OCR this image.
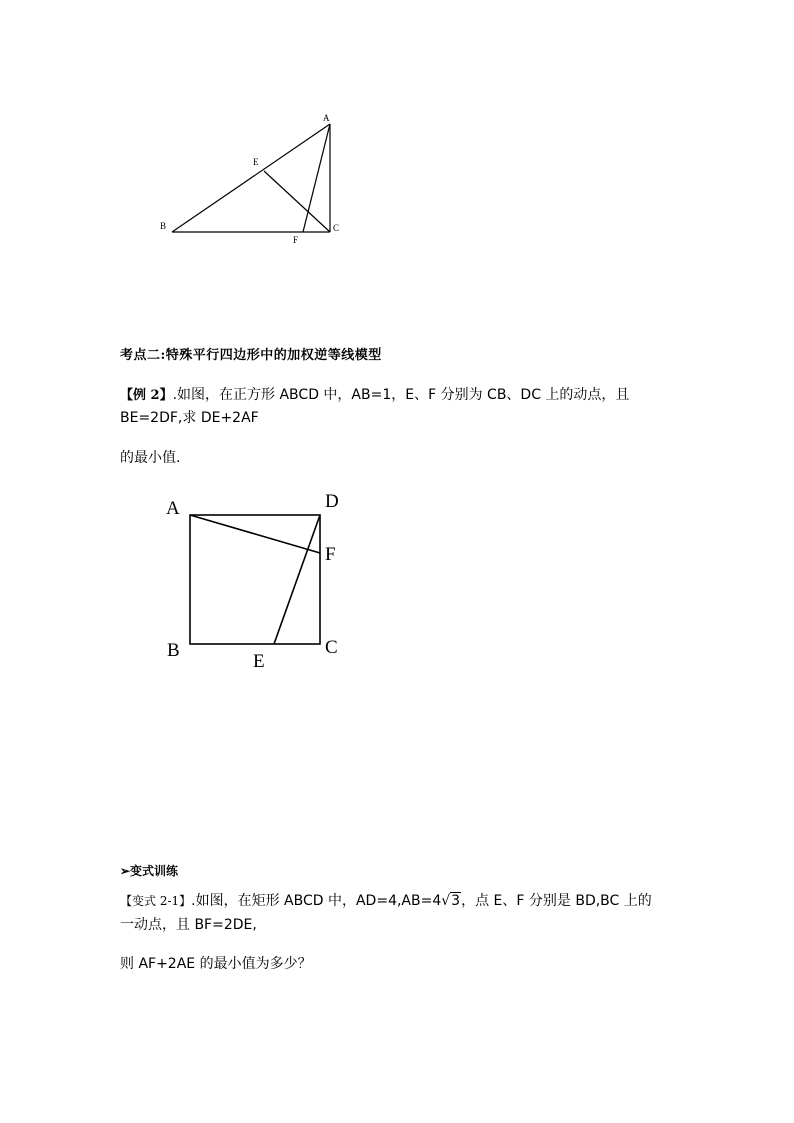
A
E
B	C
F
考点二:特殊平行四边形中的加权逆等线模型
【例 2】.如图，在正方形 ABCD 中，AB=1，E、F 分别为 CB、DC 上的动点，且
BE=2DF,求 DE+2AF
的最小值.
A	D
F
B	C
E
➢变式训练
【变式 2-1】.如图，在矩形 ABCD 中，AD=4,AB=4√3，点 E、F 分别是 BD,BC 上的
一动点，且 BF=2DE,
则 AF+2AE 的最小值为多少？
